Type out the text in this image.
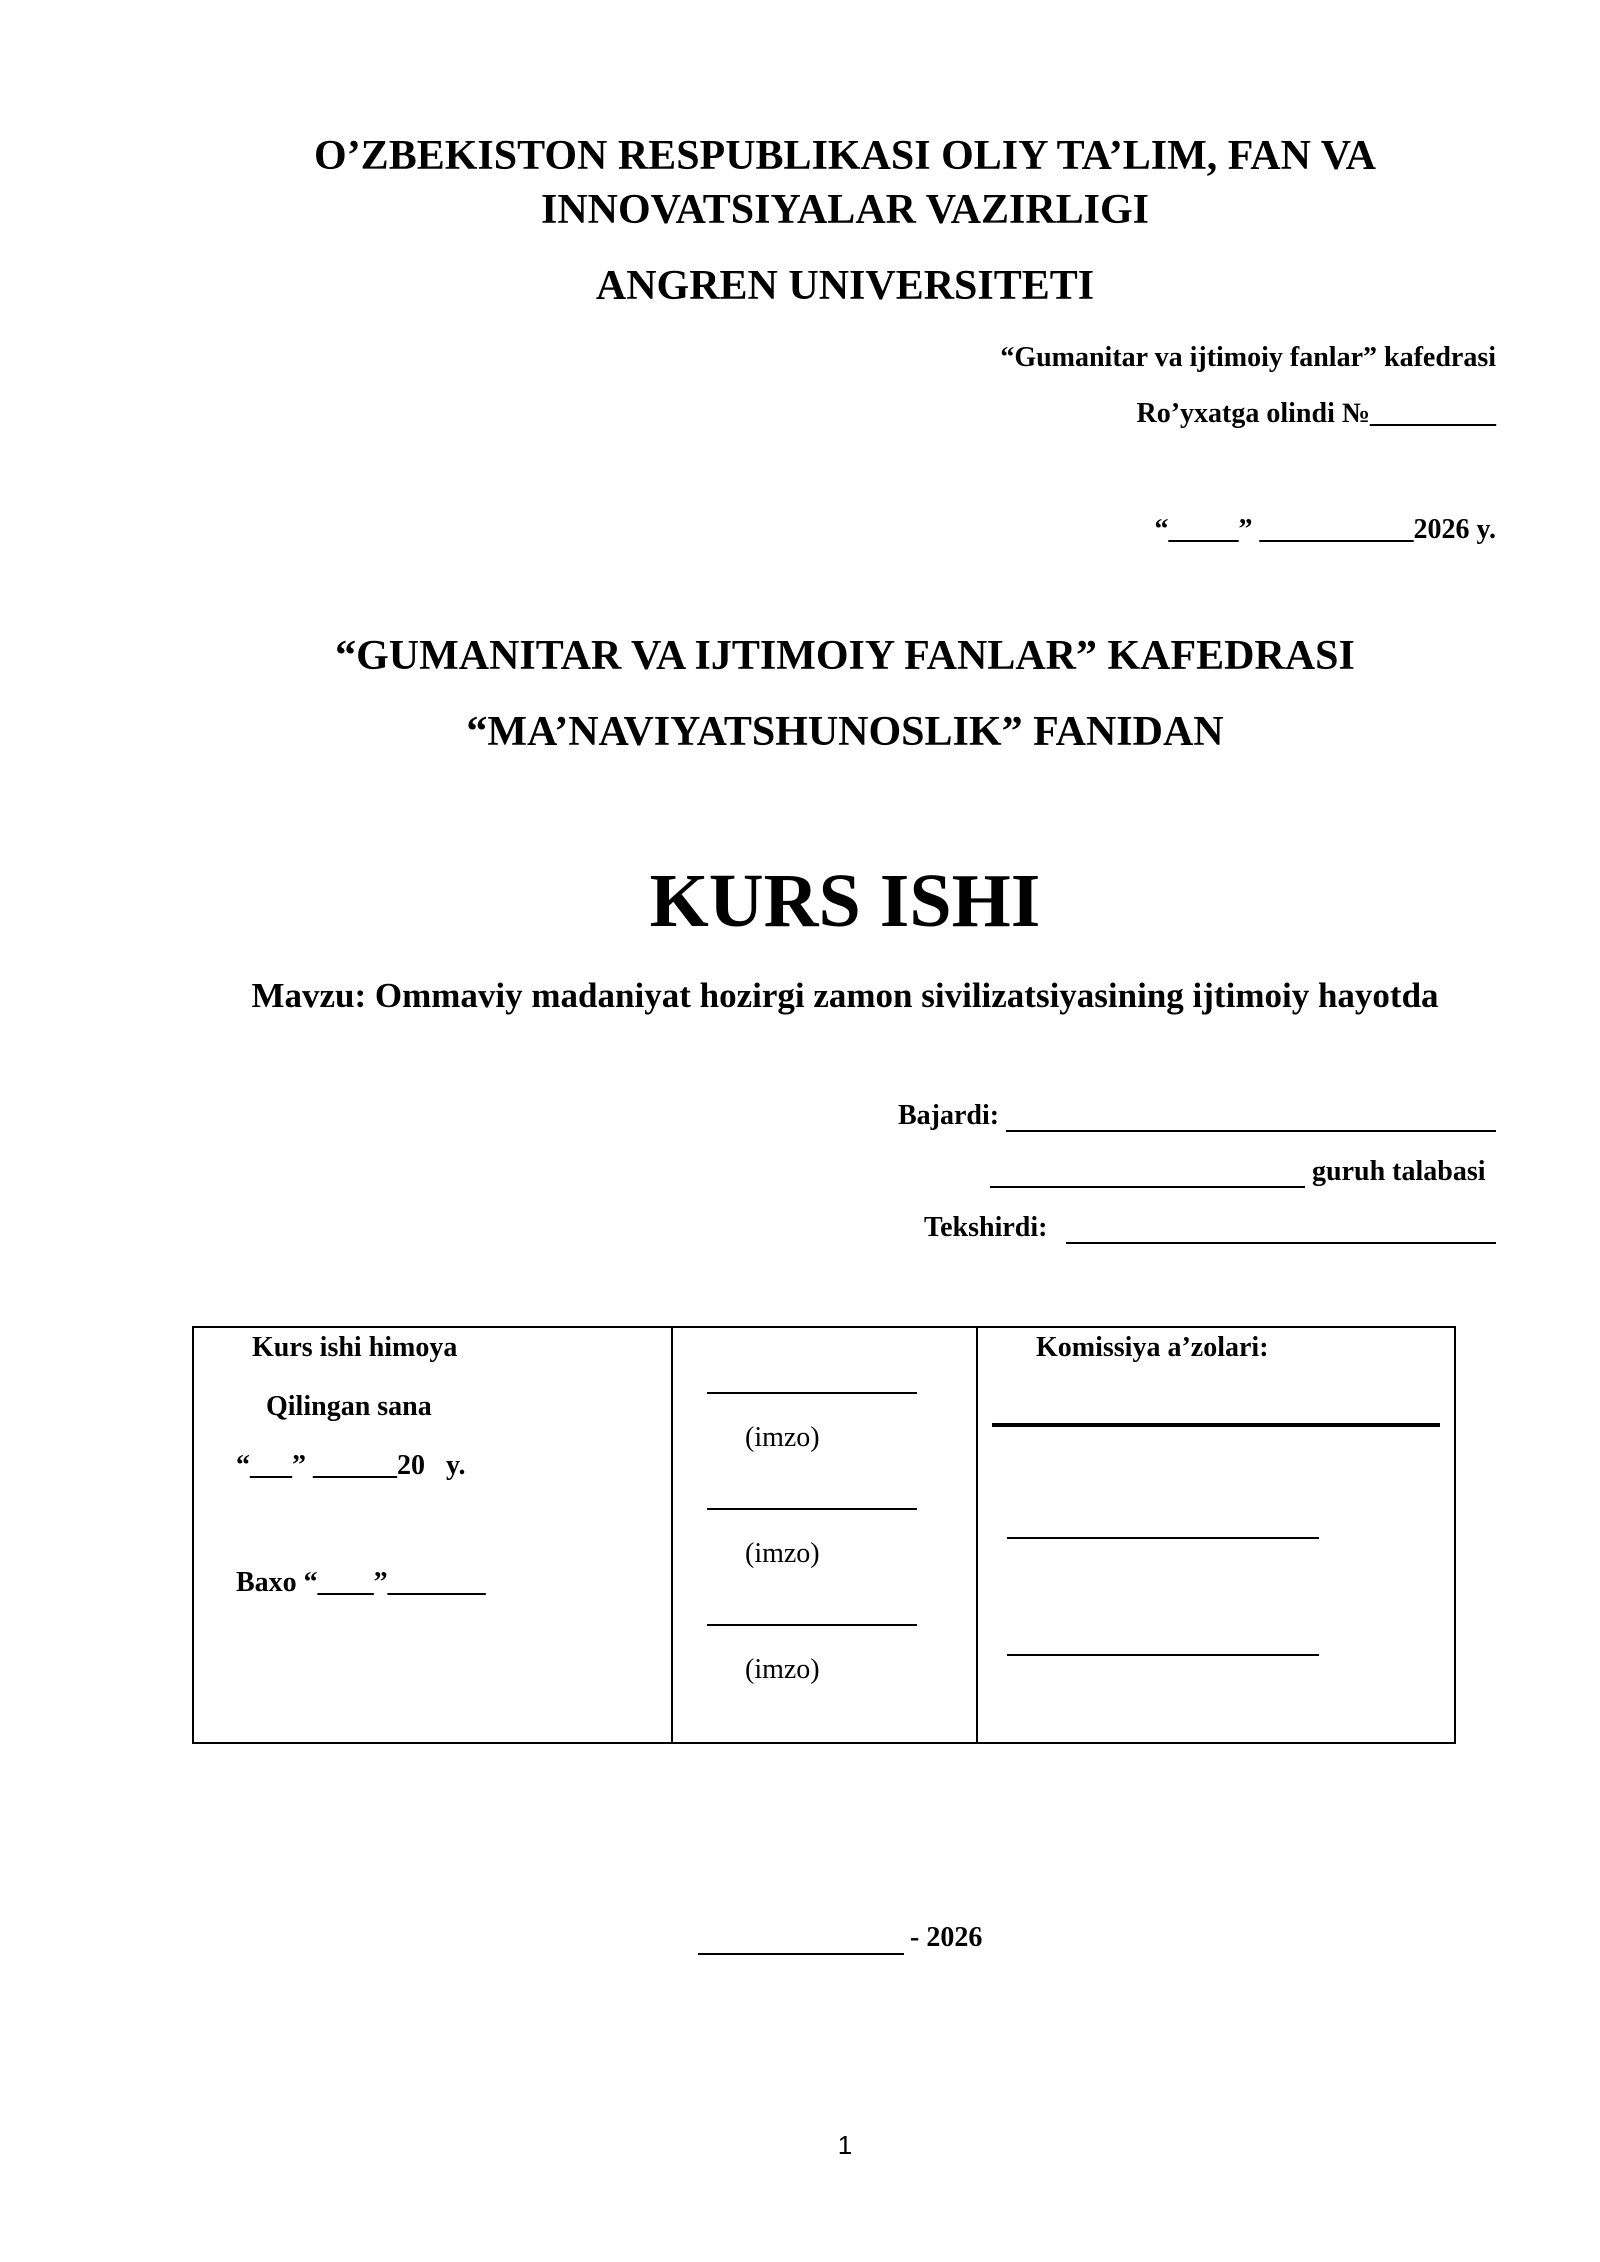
O’ZBEKISTON RESPUBLIKASI OLIY TA’LIM, FAN VA
INNOVATSIYALAR VAZIRLIGI
ANGREN UNIVERSITETI
“Gumanitar va ijtimoiy fanlar” kafedrasi
Ro’yxatga olindi №_________
“_____” ___________2026 y.
“GUMANITAR VA IJTIMOIY FANLAR” KAFEDRASI
“MA’NAVIYATSHUNOSLIK” FANIDAN
KURS ISHI
Mavzu: Ommaviy madaniyat hozirgi zamon sivilizatsiyasining ijtimoiy hayotda
Bajardi:
guruh talabasi
Tekshirdi:
Kurs ishi himoya
Qilingan sana
“___” ______20   y.
Baxo “____”_______
(imzo)
(imzo)
(imzo)
Komissiya a’zolari:
- 2026
1
